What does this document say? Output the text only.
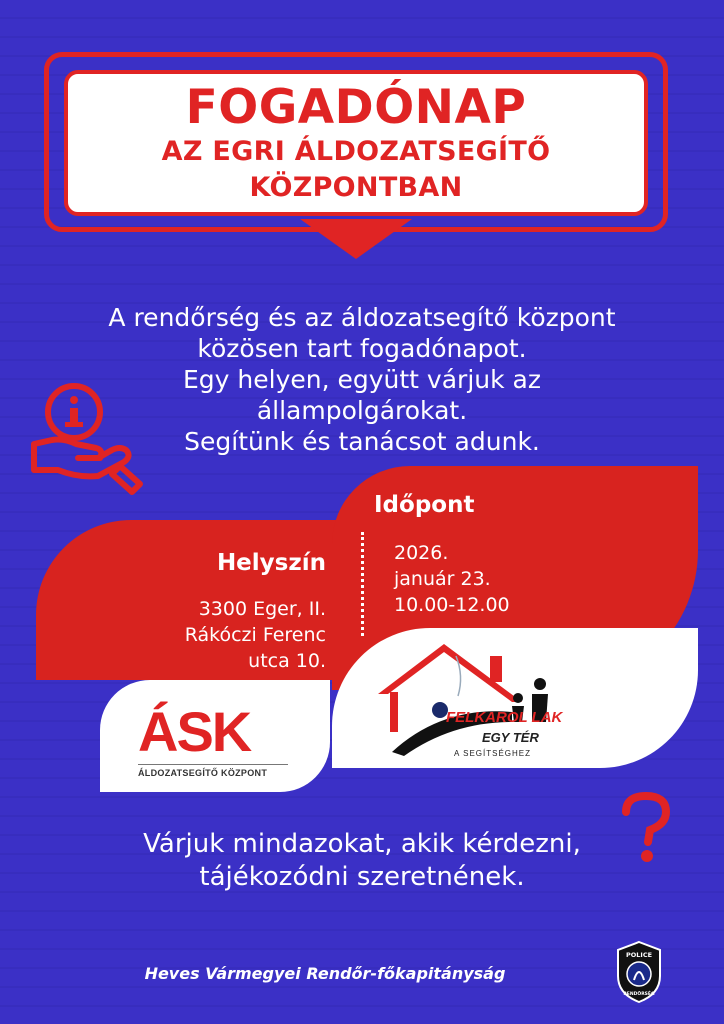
FOGADÓNAP
AZ EGRI ÁLDOZATSEGÍTŐ
KÖZPONTBAN
A rendőrség és az áldozatsegítő központ
közösen tart fogadónapot.
Egy helyen, együtt várjuk az
állampolgárokat.
Segítünk és tanácsot adunk.
Helyszín
3300 Eger, II.
Rákóczi Ferenc
utca 10.
Időpont
2026.
január 23.
10.00-12.00
ÁSK
ÁLDOZATSEGÍTŐ KÖZPONT
FELKAROL LAK
EGY TÉR
A SEGÍTSÉGHEZ
Várjuk mindazokat, akik kérdezni,
tájékozódni szeretnének.
Heves Vármegyei Rendőr-főkapitányság
POLICE
RENDŐRSÉG
